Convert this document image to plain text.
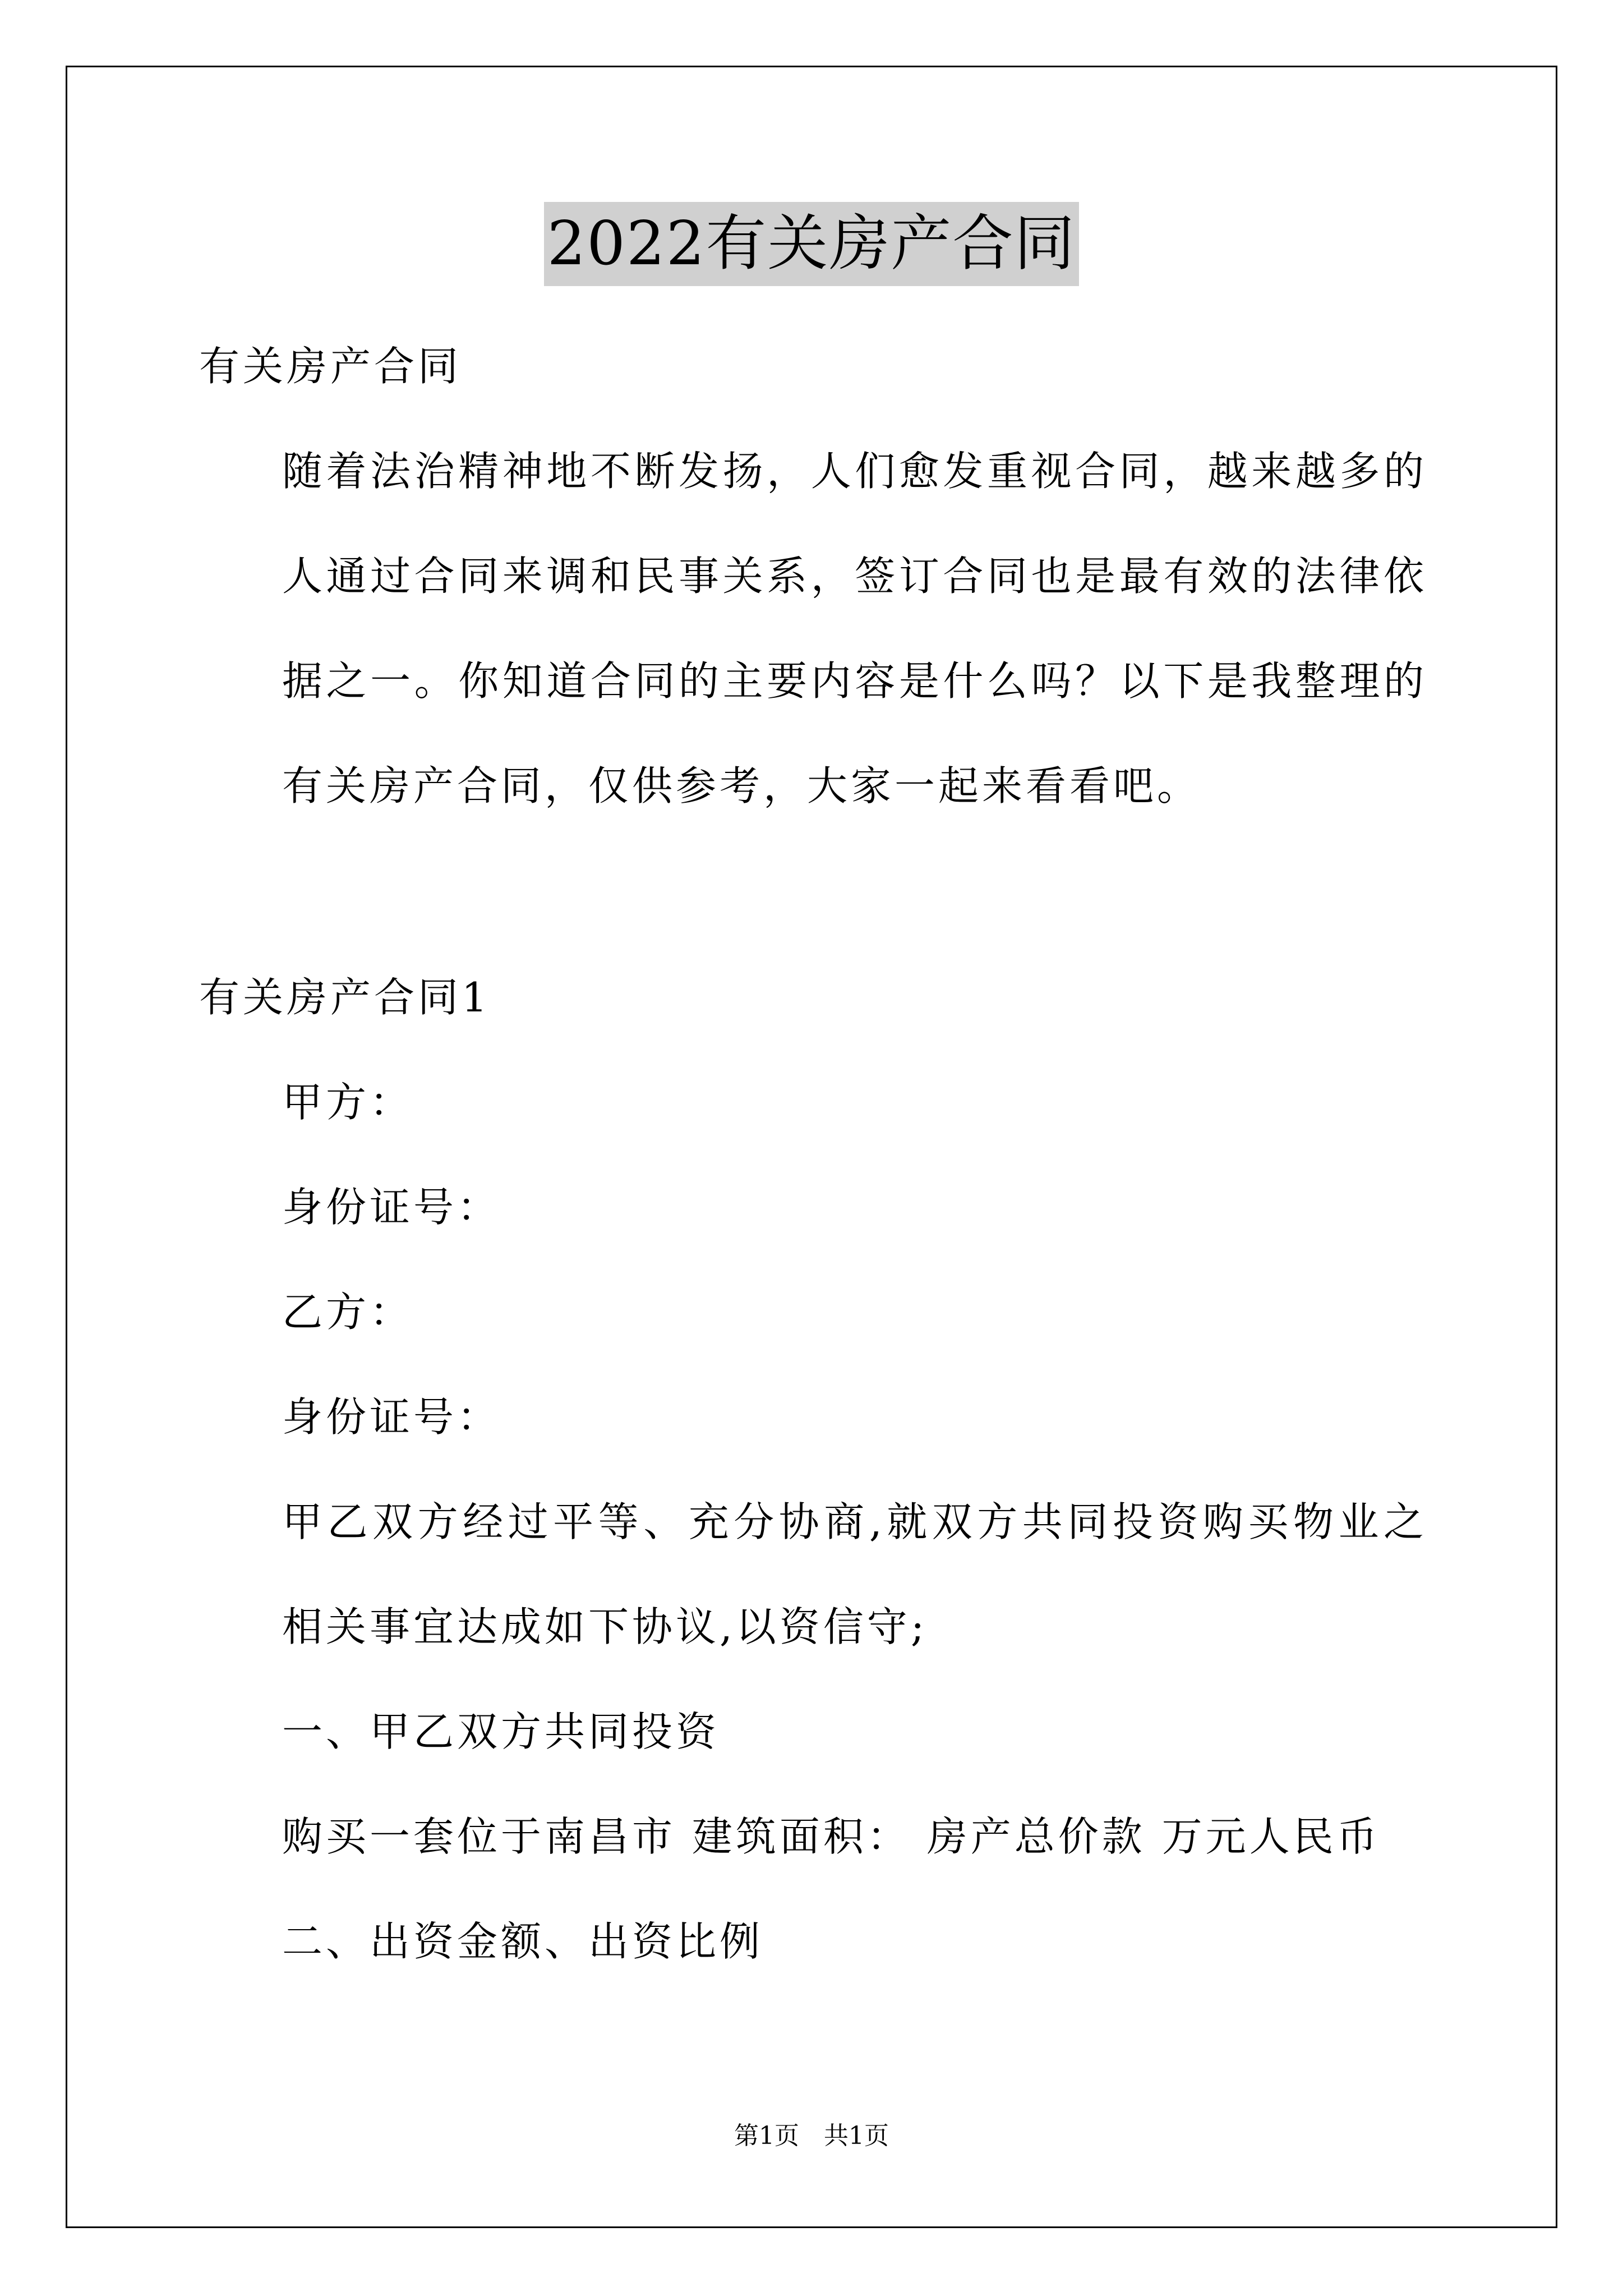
2022有关房产合同

有关房产合同

随着法治精神地不断发扬，人们愈发重视合同，越来越多的人通过合同来调和民事关系，签订合同也是最有效的法律依据之一。你知道合同的主要内容是什么吗？以下是我整理的有关房产合同，仅供参考，大家一起来看看吧。

有关房产合同1

甲方：

身份证号：

乙方：

身份证号：

甲乙双方经过平等、充分协商,就双方共同投资购买物业之相关事宜达成如下协议,以资信守;

一、甲乙双方共同投资

购买一套位于南昌市 建筑面积： 房产总价款 万元人民币

二、出资金额、出资比例

第1页　共1页
